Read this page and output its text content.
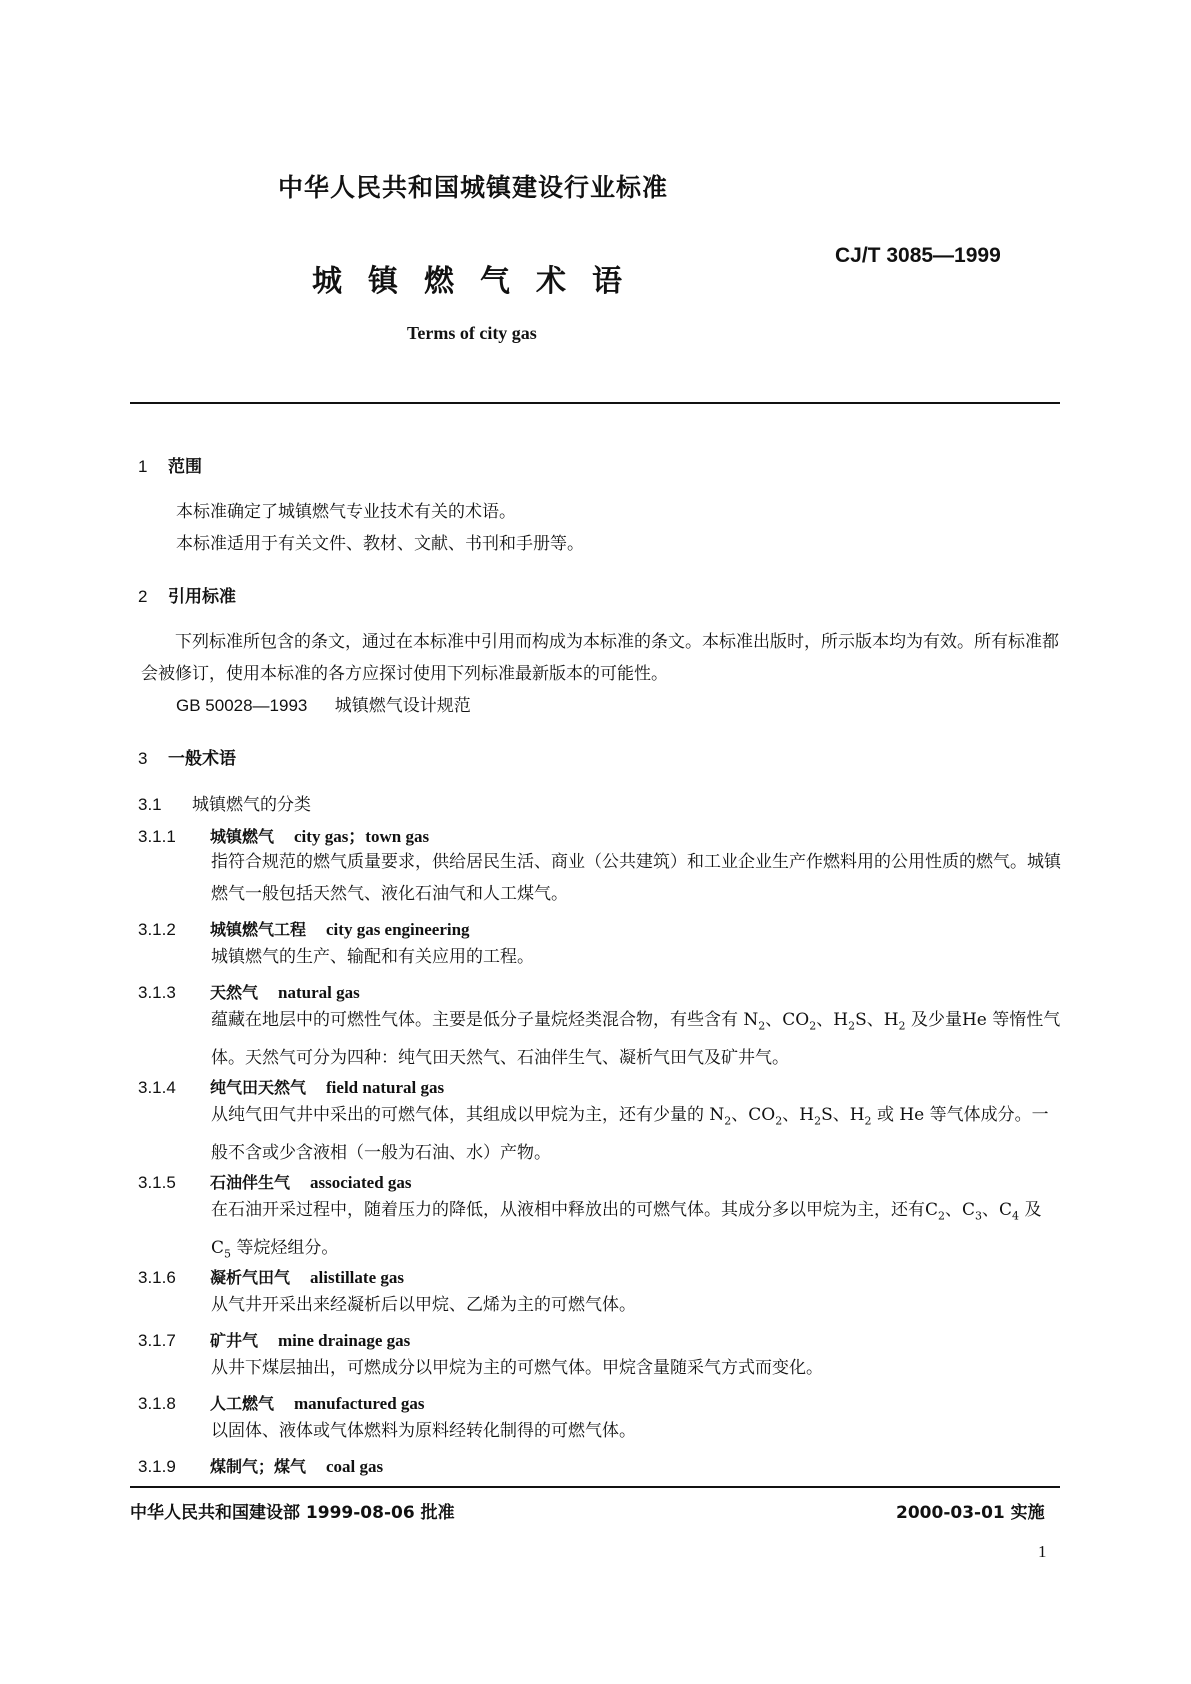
中华人民共和国城镇建设行业标准
城镇燃气术语
CJ/T 3085—1999
Terms of city gas
1 范围
本标准确定了城镇燃气专业技术有关的术语。
本标准适用于有关文件、教材、文献、书刊和手册等。
2 引用标准
下列标准所包含的条文，通过在本标准中引用而构成为本标准的条文。本标准出版时，所示版本均为有效。所有标准都会被修订，使用本标准的各方应探讨使用下列标准最新版本的可能性。
GB 50028—1993 城镇燃气设计规范
3 一般术语
3.1 城镇燃气的分类
3.1.1 城镇燃气 city gas；town gas
指符合规范的燃气质量要求，供给居民生活、商业（公共建筑）和工业企业生产作燃料用的公用性质的燃气。城镇燃气一般包括天然气、液化石油气和人工煤气。
3.1.2 城镇燃气工程 city gas engineering
城镇燃气的生产、输配和有关应用的工程。
3.1.3 天然气 natural gas
蕴藏在地层中的可燃性气体。主要是低分子量烷烃类混合物，有些含有 $N_2$、$CO_2$、$H_2S$、$H_2$ 及少量He 等惰性气体。天然气可分为四种：纯气田天然气、石油伴生气、凝析气田气及矿井气。
3.1.4 纯气田天然气 field natural gas
从纯气田气井中采出的可燃气体，其组成以甲烷为主，还有少量的 $N_2$、$CO_2$、$H_2S$、$H_2$ 或 He 等气体成分。一般不含或少含液相（一般为石油、水）产物。
3.1.5 石油伴生气 associated gas
在石油开采过程中，随着压力的降低，从液相中释放出的可燃气体。其成分多以甲烷为主，还有$C_2$、$C_3$、$C_4$ 及 $C_5$ 等烷烃组分。
3.1.6 凝析气田气 alistillate gas
从气井开采出来经凝析后以甲烷、乙烯为主的可燃气体。
3.1.7 矿井气 mine drainage gas
从井下煤层抽出，可燃成分以甲烷为主的可燃气体。甲烷含量随采气方式而变化。
3.1.8 人工燃气 manufactured gas
以固体、液体或气体燃料为原料经转化制得的可燃气体。
3.1.9 煤制气；煤气 coal gas
中华人民共和国建设部 1999-08-06 批准	2000-03-01 实施
1
